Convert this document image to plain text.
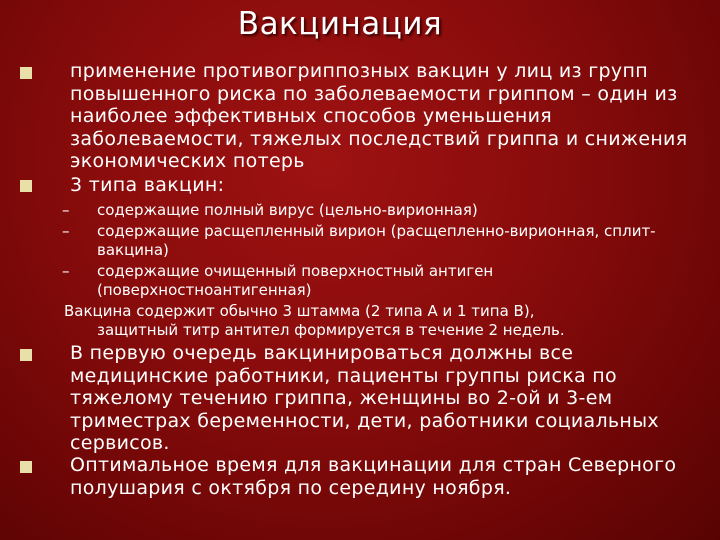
Вакцинация
применение противогриппозных вакцин у лиц из групп повышенного риска по заболеваемости гриппом – один из наиболее эффективных способов уменьшения заболеваемости, тяжелых последствий гриппа и снижения экономических потерь
3 типа вакцин:
– содержащие полный вирус (цельно-вирионная)
– содержащие расщепленный вирион (расщепленно-вирионная, сплит-вакцина)
– содержащие очищенный поверхностный антиген (поверхностноантигенная)
Вакцина содержит обычно 3 штамма (2 типа А и 1 типа В),
защитный титр антител формируется в течение 2 недель.
В первую очередь вакцинироваться должны все медицинские работники, пациенты группы риска по тяжелому течению гриппа, женщины во 2-ой и 3-ем триместрах беременности, дети, работники социальных сервисов.
Оптимальное время для вакцинации для стран Северного полушария с октября по середину ноября.
